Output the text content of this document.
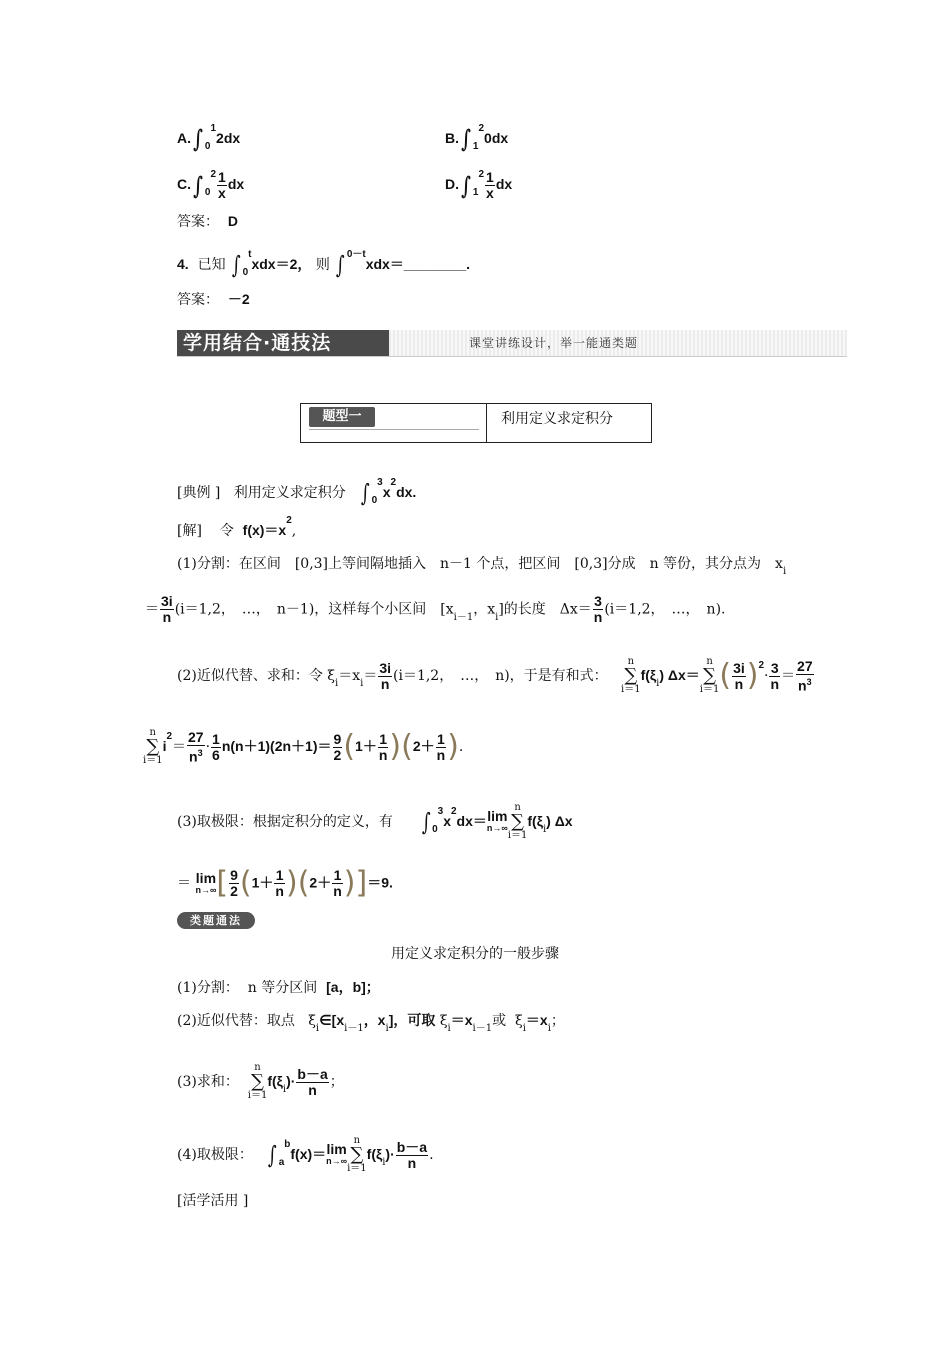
A.∫ $_0^1$2dx	B.∫ $_1^2$0dx
C.∫ $_0^2 \frac{1}{x}$ dx	D.∫ $_1^2 \frac{1}{x}$ dx
答案： D
4. 已知 ∫ $_0^t$xdx＝2， 则 ∫ $^{0-t}$xdx＝________.
答案： －2
学用结合·通技法	课堂讲练设计，举一能通类题
题型一	利用定义求定积分
[典例 ] 利用定义求定积分 ∫ $_0^3x^2dx$.
[解] 令 $f(x)=x^2$,
(1)分割：在区间　[0,3]上等间隔地插入　n－1 个点，把区间　[0,3]分成　n 等份，其分点为　$x_i$
＝ $\frac{3i}{n} (i=1,2$，　…，　n－1)，这样每个小区间　[$x_{i-1}$，$x_i$]的长度　$\Delta x= \frac{3}{n} (i=1,2$，　…，　n).
(2)近似代替、求和：令 $\xi_i=x_i= \frac{3i}{n} (i=1,2$，　…，　n)，于是有和式：   n
∑
$i=1f(\xi_i)$ Δx＝n
∑
$i=1( \frac{3i}{n} )^2\cdot \frac{3}{n} = \frac{27}{n^3}$
n
∑
$i=1i^2= \frac{27}{n^3} \cdot \frac{1}{6} n(n+1)(2n+1)= \frac{9}{2} (1+ \frac{1}{n} )(2+ \frac{1}{n}$ ).
(3)取极限：根据定积分的定义，有 ∫ $_0^3x^2dx= \lim$
n→∞
n
∑
$i=1f(\xi_i)$ Δx
＝ lim
n→∞ [ $\frac{9}{2} (1+ \frac{1}{n} )(2+ \frac{1}{n} )]=9$.
类题通法
用定义求定积分的一般步骤
(1)分割： n 等分区间 [a，b]；
(2)近似代替：取点 $\xi_i\in[x_{i-1}$，$x_i$]，可取 $\xi_i=x_{i-1}$或 $\xi_i=x_i$；
(3)求和：  n
∑
$i=1f(\xi_i)\cdot \frac{b-a}{n}$ ；
(4)取极限： ∫ $_a^b$f(x)＝ lim
n→∞
n
∑
$i=1f(\xi_i)\cdot \frac{b-a}{n}$ .
[活学活用 ]
